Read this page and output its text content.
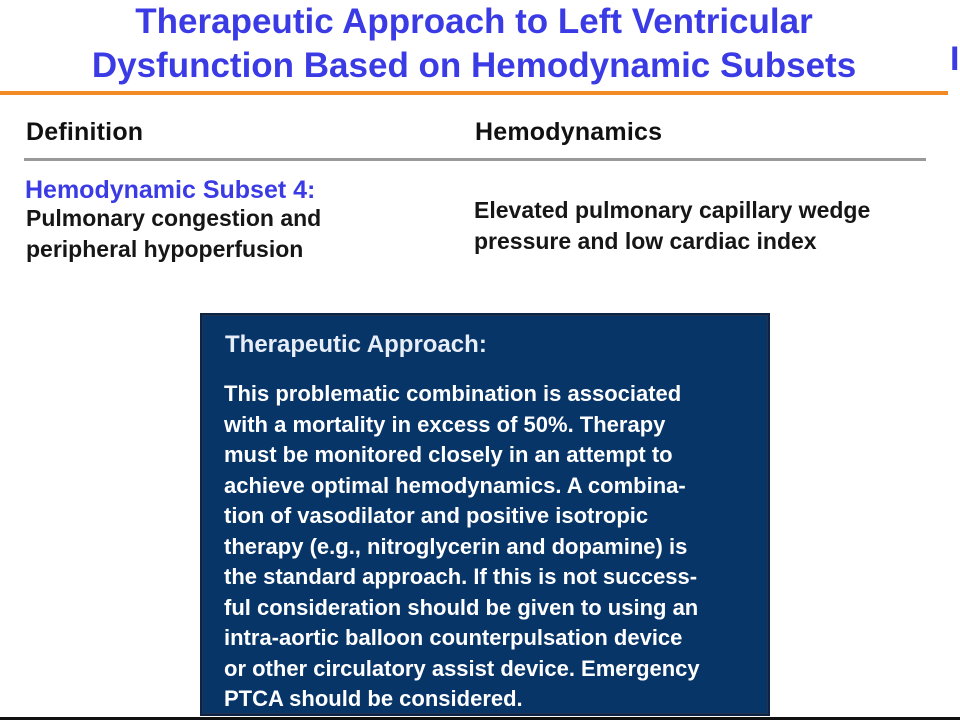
Therapeutic Approach to Left Ventricular
Dysfunction Based on Hemodynamic Subsets	I
Definition	Hemodynamics
Hemodynamic Subset 4:

Pulmonary congestion and
peripheral hypoperfusion

Elevated pulmonary capillary wedge
pressure and low cardiac index

Therapeutic Approach:

This problematic combination is associated
with a mortality in excess of 50%. Therapy
must be monitored closely in an attempt to
achieve optimal hemodynamics. A combina-
tion of vasodilator and positive isotropic
therapy (e.g., nitroglycerin and dopamine) is
the standard approach. If this is not success-
ful consideration should be given to using an
intra-aortic balloon counterpulsation device
or other circulatory assist device. Emergency
PTCA should be considered.
